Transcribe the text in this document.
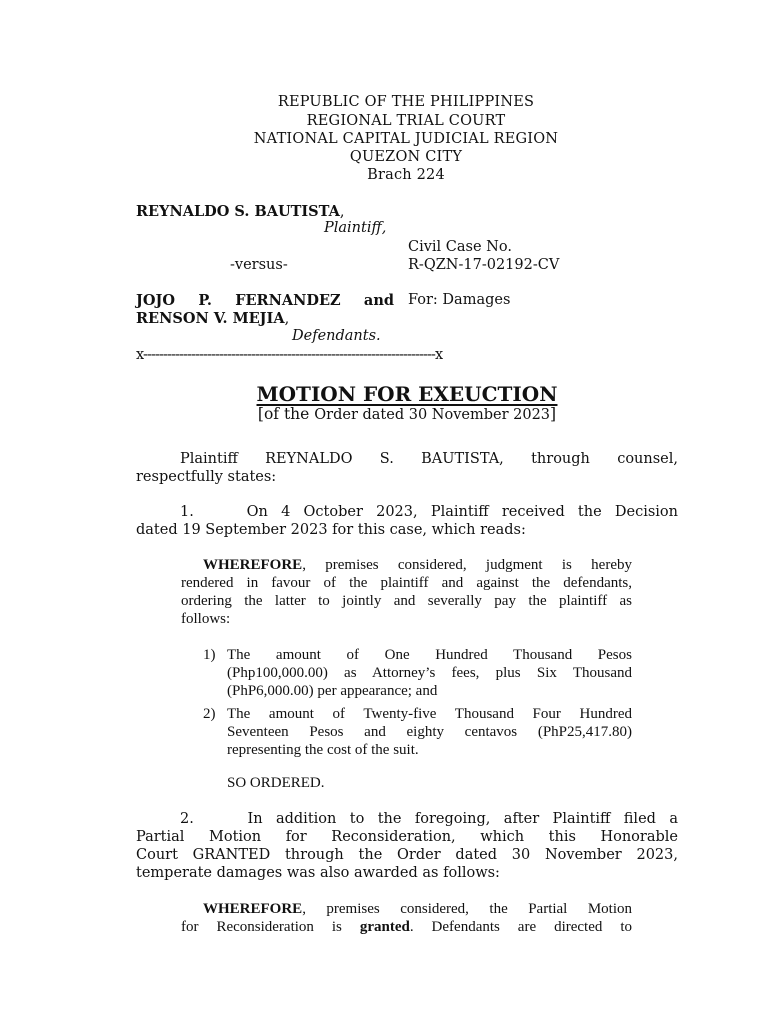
REPUBLIC OF THE PHILIPPINES
REGIONAL TRIAL COURT
NATIONAL CAPITAL JUDICIAL REGION
QUEZON CITY
Brach 224
REYNALDO S. BAUTISTA,
Plaintiff,
Civil Case No.
-versus-	R-QZN-17-02192-CV
JOJO P. FERNANDEZ and For: Damages
RENSON V. MEJIA,
Defendants.
x-------------------------------------------------------------------------x
MOTION FOR EXEUCTION
[of the Order dated 30 November 2023]
Plaintiff REYNALDO S. BAUTISTA, through counsel,
respectfully states:
1.    On 4 October 2023, Plaintiff received the Decision
dated 19 September 2023 for this case, which reads:
WHEREFORE, premises considered, judgment is hereby
rendered in favour of the plaintiff and against the defendants,
ordering the latter to jointly and severally pay the plaintiff as
follows:
1) The amount of One Hundred Thousand Pesos
(Php100,000.00) as Attorney’s fees, plus Six Thousand
(PhP6,000.00) per appearance; and
2) The amount of Twenty-five Thousand Four Hundred
Seventeen Pesos and eighty centavos (PhP25,417.80)
representing the cost of the suit.
SO ORDERED.
2.    In addition to the foregoing, after Plaintiff filed a
Partial Motion for Reconsideration, which this Honorable
Court GRANTED through the Order dated 30 November 2023,
temperate damages was also awarded as follows:
WHEREFORE, premises considered, the Partial Motion
for Reconsideration is granted. Defendants are directed to
